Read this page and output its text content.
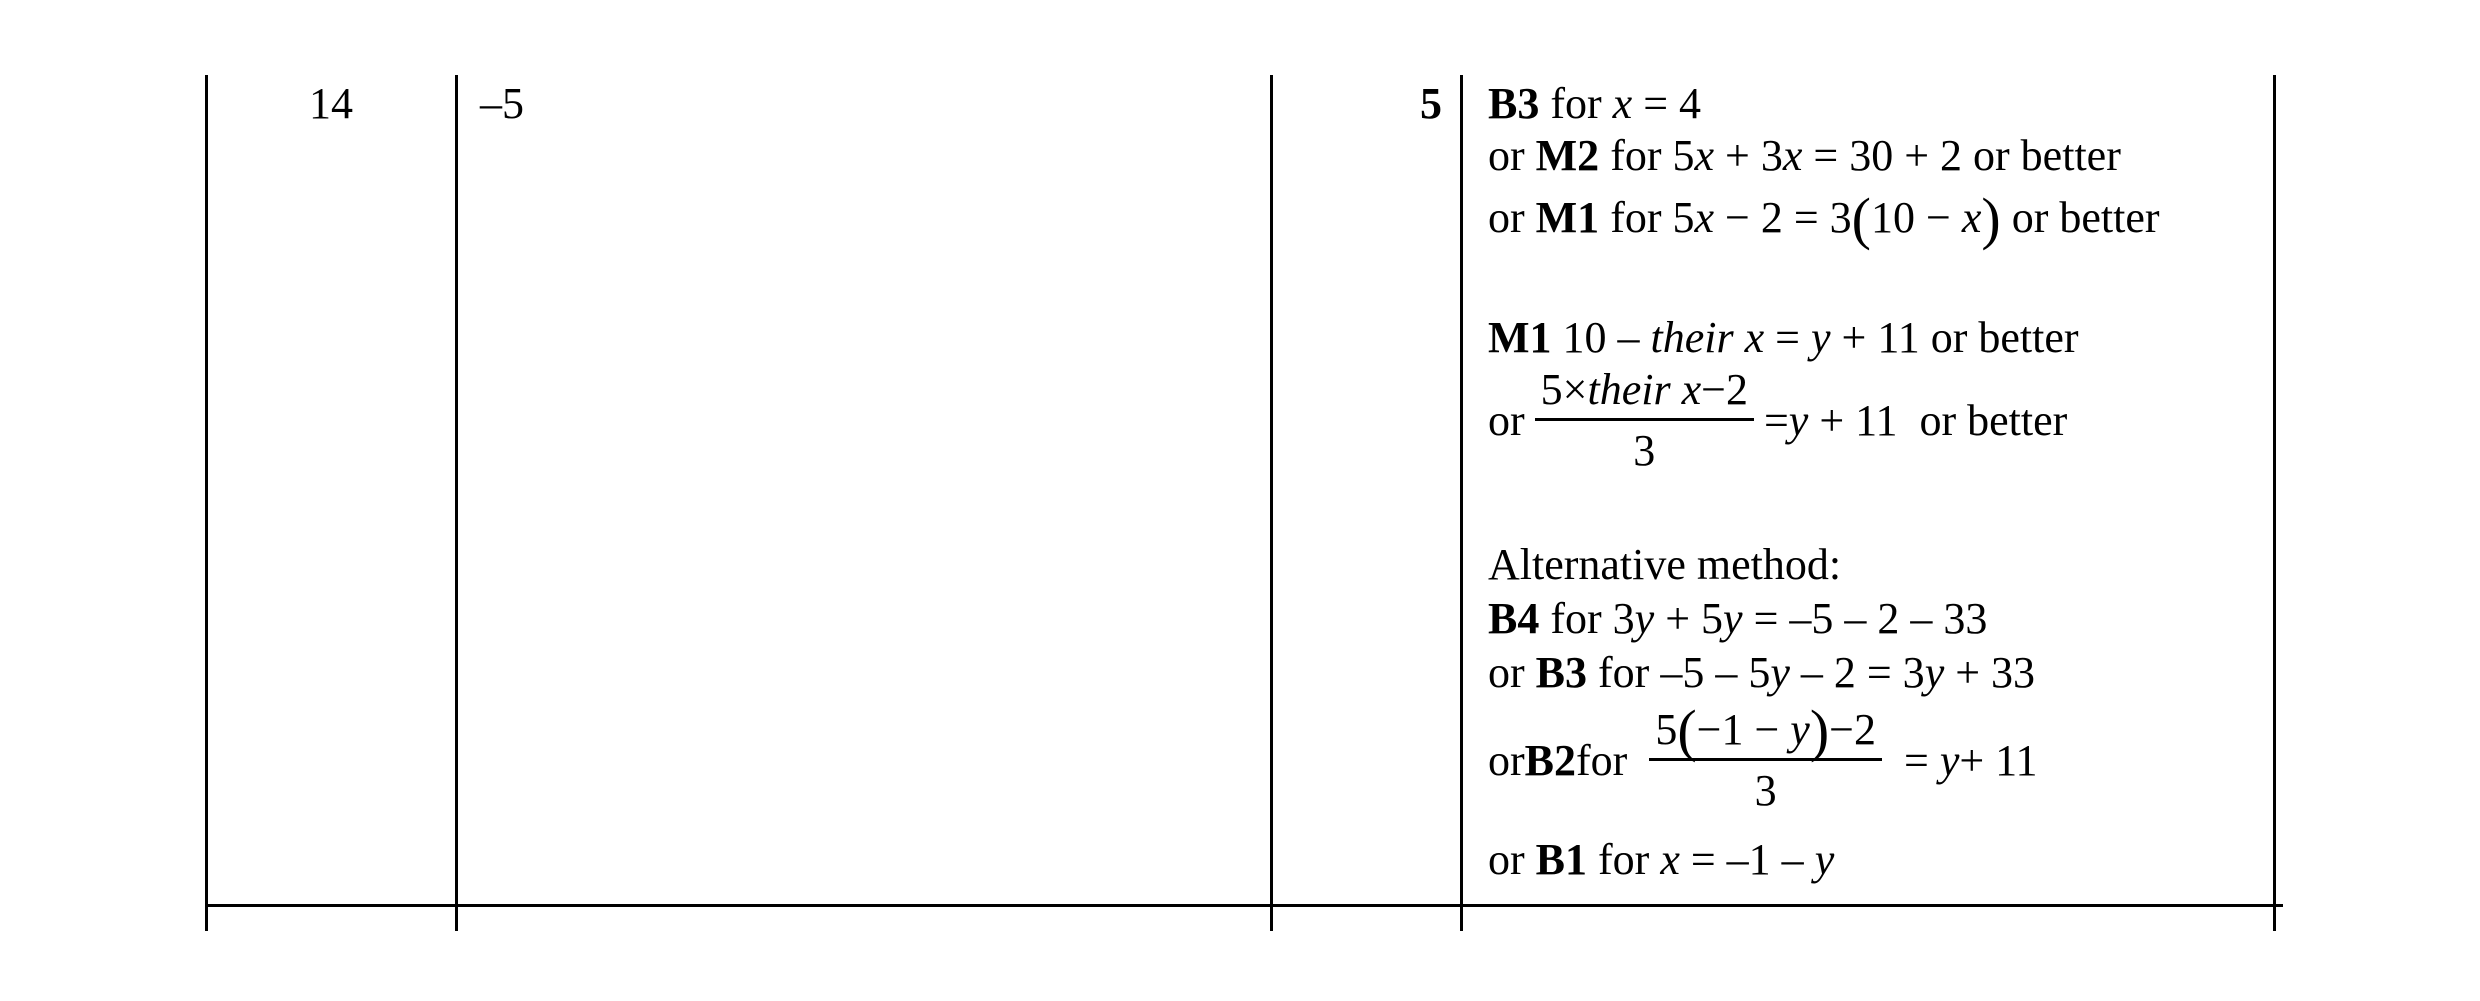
14	–5	5 B3 for x = 4
or M2 for 5x + 3x = 30 + 2 or better
or M1 for 5x − 2 = 3(10 − x) or better
M1 10 – their x = y + 11 or better
or $\frac{\text{5×their x−2}}{3} = y + 11$  or better
Alternative method:
B4 for 3y + 5y = –5 – 2 – 33
or B3 for –5 – 5y – 2 = 3y + 33
or B2 for $\frac{5(-1 - y)-2}{3}$ =
y + 11
or B1 for x = –1 – y
